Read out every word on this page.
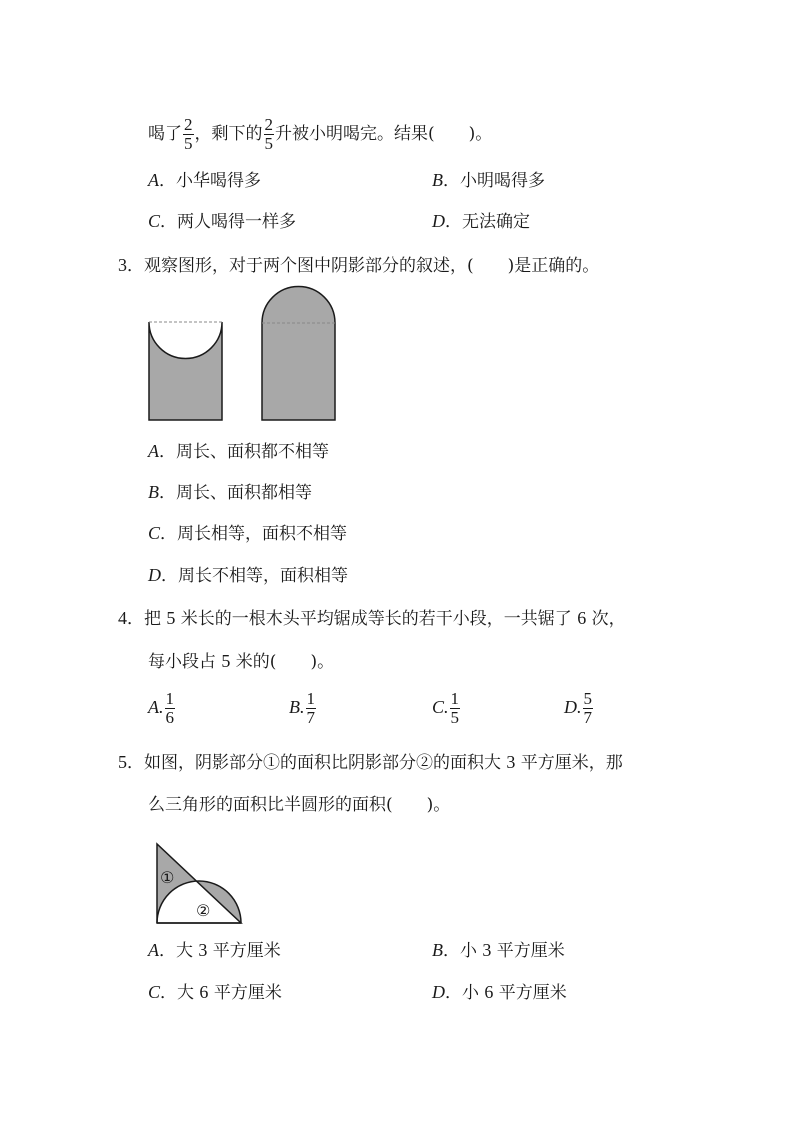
喝了 $\frac{2}{5}$ ，剩下的 $\frac{2}{5}$ 升被小明喝完。结果(　　)。
A．小华喝得多	B．小明喝得多
C．两人喝得一样多	D．无法确定
3．观察图形，对于两个图中阴影部分的叙述，(　　)是正确的。
A．周长、面积都不相等
B．周长、面积都相等
C．周长相等，面积不相等
D．周长不相等，面积相等
4．把 5 米长的一根木头平均锯成等长的若干小段，一共锯了 6 次，
每小段占 5 米的(　　)。
A. $\frac{1}{6}$	B. $\frac{1}{7}$	C. $\frac{1}{5}$	D. $\frac{5}{7}$
5．如图，阴影部分①的面积比阴影部分②的面积大 3 平方厘米，那
么三角形的面积比半圆形的面积(　　)。
①
②
A．大 3 平方厘米	B．小 3 平方厘米
C．大 6 平方厘米	D．小 6 平方厘米
